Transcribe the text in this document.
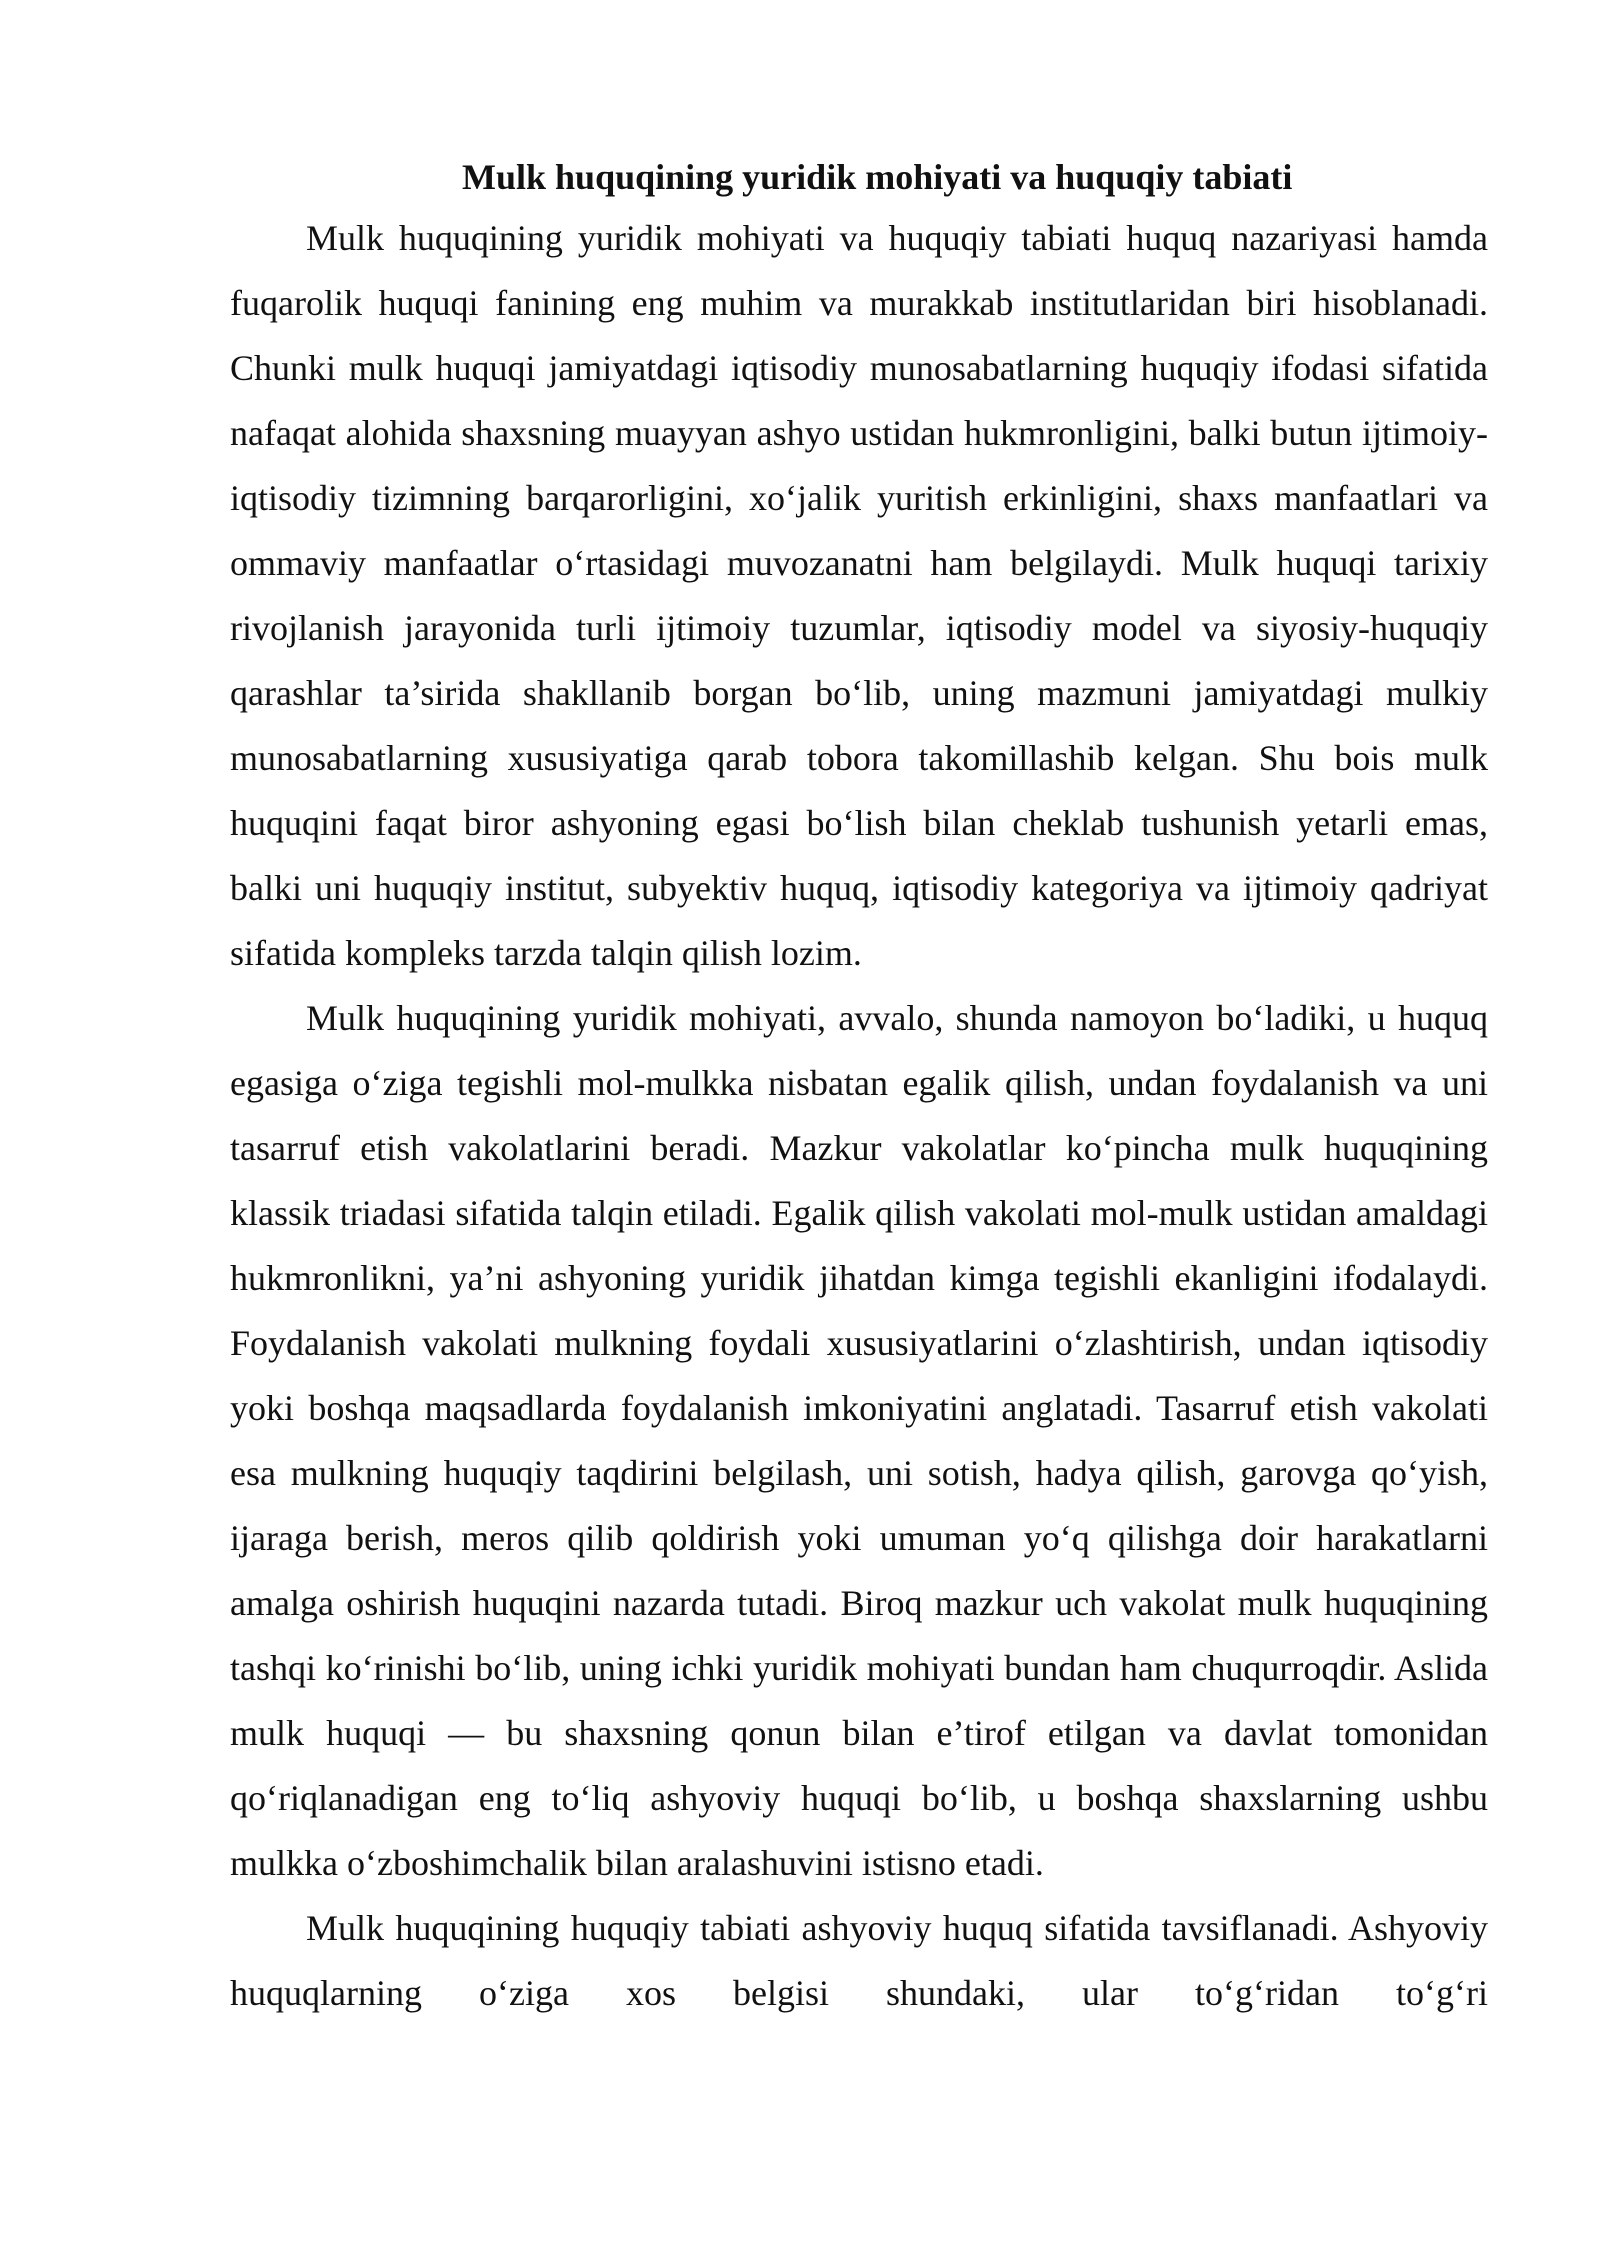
Mulk huquqining yuridik mohiyati va huquqiy tabiati

Mulk huquqining yuridik mohiyati va huquqiy tabiati huquq nazariyasi hamda fuqarolik huquqi fanining eng muhim va murakkab institutlaridan biri hisoblanadi. Chunki mulk huquqi jamiyatdagi iqtisodiy munosabatlarning huquqiy ifodasi sifatida nafaqat alohida shaxsning muayyan ashyo ustidan hukmronligini, balki butun ijtimoiy-iqtisodiy tizimning barqarorligini, xo‘jalik yuritish erkinligini, shaxs manfaatlari va ommaviy manfaatlar o‘rtasidagi muvozanatni ham belgilaydi. Mulk huquqi tarixiy rivojlanish jarayonida turli ijtimoiy tuzumlar, iqtisodiy model va siyosiy-huquqiy qarashlar ta’sirida shakllanib borgan bo‘lib, uning mazmuni jamiyatdagi mulkiy munosabatlarning xususiyatiga qarab tobora takomillashib kelgan. Shu bois mulk huquqini faqat biror ashyoning egasi bo‘lish bilan cheklab tushunish yetarli emas, balki uni huquqiy institut, subyektiv huquq, iqtisodiy kategoriya va ijtimoiy qadriyat sifatida kompleks tarzda talqin qilish lozim.

Mulk huquqining yuridik mohiyati, avvalo, shunda namoyon bo‘ladiki, u huquq egasiga o‘ziga tegishli mol-mulkka nisbatan egalik qilish, undan foydalanish va uni tasarruf etish vakolatlarini beradi. Mazkur vakolatlar ko‘pincha mulk huquqining klassik triadasi sifatida talqin etiladi. Egalik qilish vakolati mol-mulk ustidan amaldagi hukmronlikni, ya’ni ashyoning yuridik jihatdan kimga tegishli ekanligini ifodalaydi. Foydalanish vakolati mulkning foydali xususiyatlarini o‘zlashtirish, undan iqtisodiy yoki boshqa maqsadlarda foydalanish imkoniyatini anglatadi. Tasarruf etish vakolati esa mulkning huquqiy taqdirini belgilash, uni sotish, hadya qilish, garovga qo‘yish, ijaraga berish, meros qilib qoldirish yoki umuman yo‘q qilishga doir harakatlarni amalga oshirish huquqini nazarda tutadi. Biroq mazkur uch vakolat mulk huquqining tashqi ko‘rinishi bo‘lib, uning ichki yuridik mohiyati bundan ham chuqurroqdir. Aslida mulk huquqi — bu shaxsning qonun bilan e’tirof etilgan va davlat tomonidan qo‘riqlanadigan eng to‘liq ashyoviy huquqi bo‘lib, u boshqa shaxslarning ushbu mulkka o‘zboshimchalik bilan aralashuvini istisno etadi.

Mulk huquqining huquqiy tabiati ashyoviy huquq sifatida tavsiflanadi. Ashyoviy huquqlarning o‘ziga xos belgisi shundaki, ular to‘g‘ridan to‘g‘ri
